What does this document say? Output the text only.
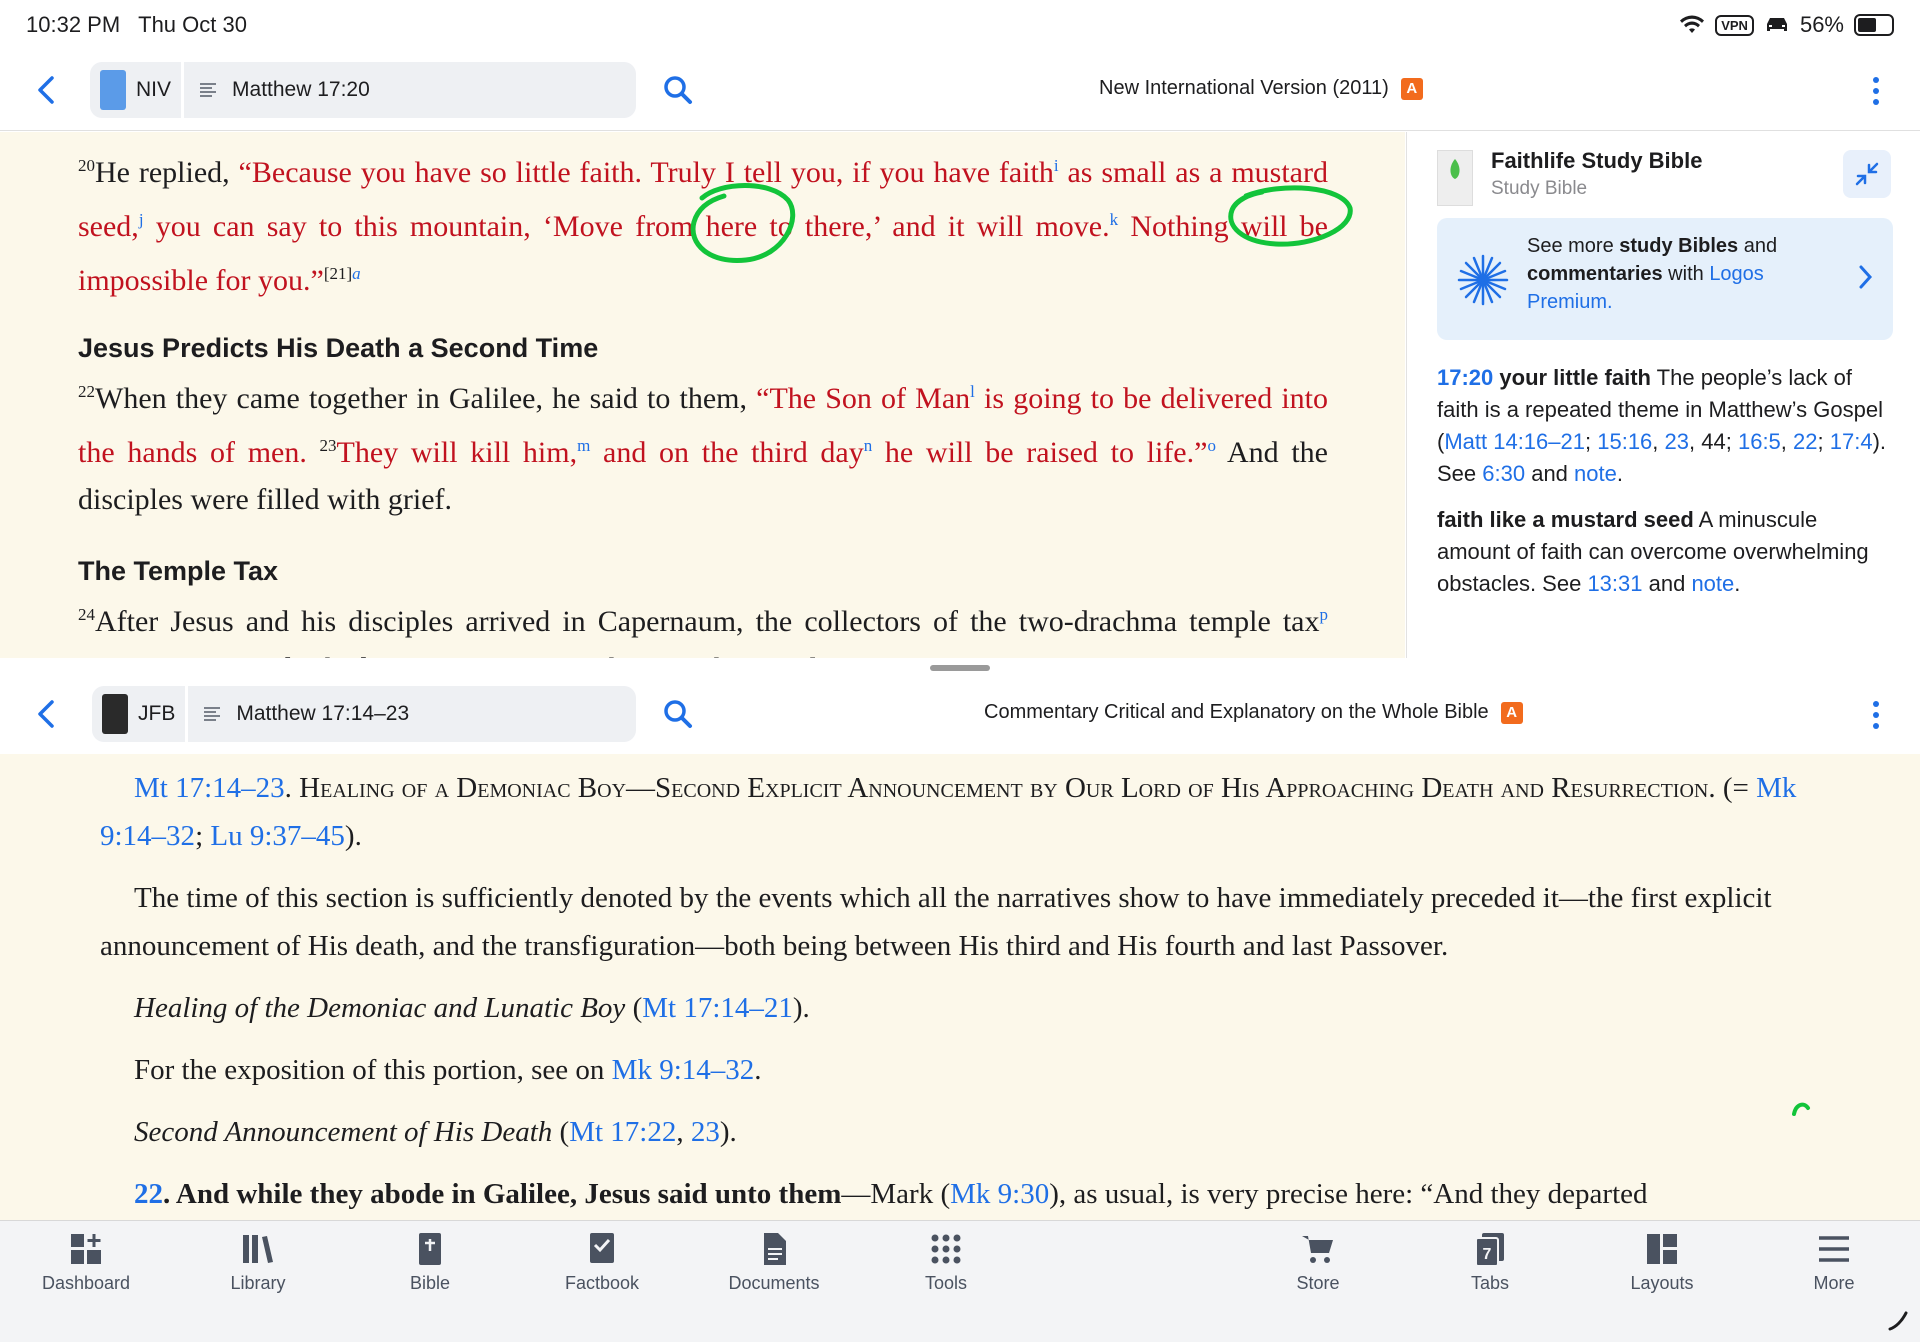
10:32 PM Thu Oct 30	VPN 56%
NIV	Matthew 17:20	New International Version (2011) A

$^{20}$He replied, “Because you have so little faith. Truly I tell you, if you have faith$^i$ as small as a mustard seed,$^j$ you can say to this mountain, ‘Move from here to there,’ and it will move.$^k$ Nothing will be impossible for you.”$^{[21]a}$

Jesus Predicts His Death a Second Time

$^{22}$When they came together in Galilee, he said to them, “The Son of Man$^l$ is going to be delivered into the hands of men. $^{23}$They will kill him,$^m$ and on the third day$^n$ he will be raised to life.”$^o$ And the disciples were filled with grief.

The Temple Tax

$^{24}$After Jesus and his disciples arrived in Capernaum, the collectors of the two-drachma temple tax$^p$

Faithlife Study Bible
Study Bible
See more study Bibles and commentaries with Logos Premium.

17:20 your little faith The people’s lack of faith is a repeated theme in Matthew’s Gospel (Matt 14:16–21; 15:16, 23, 44; 16:5, 22; 17:4). See 6:30 and note.

faith like a mustard seed A minuscule amount of faith can overcome overwhelming obstacles. See 13:31 and note.

JFB	Matthew 17:14–23	Commentary Critical and Explanatory on the Whole Bible A

Mt 17:14–23. Healing of a Demoniac Boy—Second Explicit Announcement by Our Lord of His Approaching Death and Resurrection. (= Mk 9:14–32; Lu 9:37–45).

The time of this section is sufficiently denoted by the events which all the narratives show to have immediately preceded it—the first explicit announcement of His death, and the transfiguration—both being between His third and His fourth and last Passover.

Healing of the Demoniac and Lunatic Boy (Mt 17:14–21).

For the exposition of this portion, see on Mk 9:14–32.

Second Announcement of His Death (Mt 17:22, 23).

22. And while they abode in Galilee, Jesus said unto them—Mark (Mk 9:30), as usual, is very precise here: “And they departed

Dashboard	Library	Bible	Factbook	Documents	Tools	Store
7
Tabs	Layouts	More
